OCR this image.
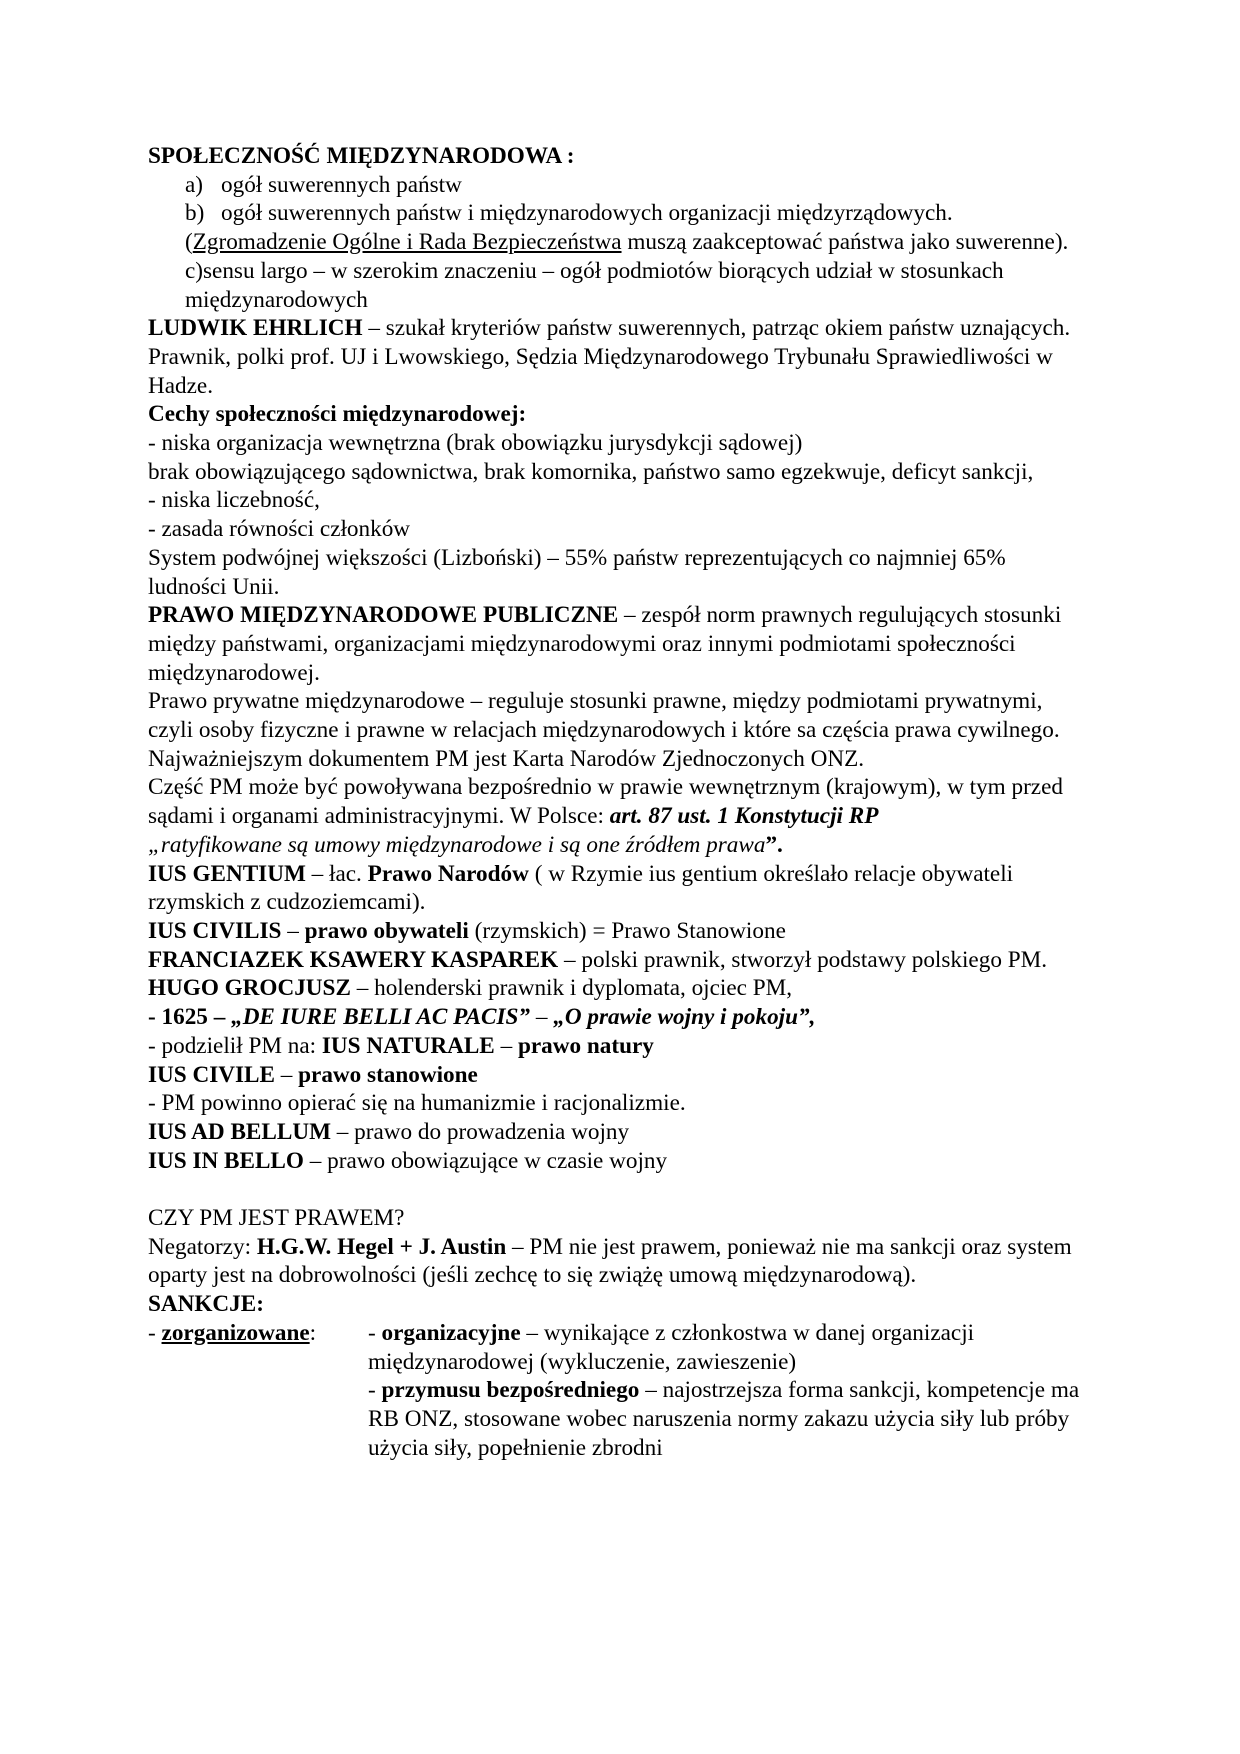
SPOŁECZNOŚĆ MIĘDZYNARODOWA :

a) ogół suwerennych państw

b) ogół suwerennych państw i międzynarodowych organizacji międzyrządowych.

(Zgromadzenie Ogólne i Rada Bezpieczeństwa muszą zaakceptować państwa jako suwerenne).

c)sensu largo – w szerokim znaczeniu – ogół podmiotów biorących udział w stosunkach międzynarodowych

LUDWIK EHRLICH – szukał kryteriów państw suwerennych, patrząc okiem państw uznających. Prawnik, polki prof. UJ i Lwowskiego, Sędzia Międzynarodowego Trybunału Sprawiedliwości w Hadze.

Cechy społeczności międzynarodowej:

- niska organizacja wewnętrzna (brak obowiązku jurysdykcji sądowej)

brak obowiązującego sądownictwa, brak komornika, państwo samo egzekwuje, deficyt sankcji,

- niska liczebność,

- zasada równości członków

System podwójnej większości (Lizboński) – 55% państw reprezentujących co najmniej 65% ludności Unii.

PRAWO MIĘDZYNARODOWE PUBLICZNE – zespół norm prawnych regulujących stosunki między państwami, organizacjami międzynarodowymi oraz innymi podmiotami społeczności międzynarodowej.

Prawo prywatne międzynarodowe – reguluje stosunki prawne, między podmiotami prywatnymi, czyli osoby fizyczne i prawne w relacjach międzynarodowych i które sa częścia prawa cywilnego.

Najważniejszym dokumentem PM jest Karta Narodów Zjednoczonych ONZ.

Część PM może być powoływana bezpośrednio w prawie wewnętrznym (krajowym), w tym przed sądami i organami administracyjnymi. W Polsce: art. 87 ust. 1 Konstytucji RP
„ratyfikowane są umowy międzynarodowe i są one źródłem prawa”.

IUS GENTIUM – łac. Prawo Narodów ( w Rzymie ius gentium określało relacje obywateli rzymskich z cudzoziemcami).

IUS CIVILIS – prawo obywateli (rzymskich) = Prawo Stanowione

FRANCIAZEK KSAWERY KASPAREK – polski prawnik, stworzył podstawy polskiego PM.

HUGO GROCJUSZ – holenderski prawnik i dyplomata, ojciec PM,

- 1625 – „DE IURE BELLI AC PACIS” – „O prawie wojny i pokoju”,

- podzielił PM na: IUS NATURALE – prawo natury

IUS CIVILE – prawo stanowione

- PM powinno opierać się na humanizmie i racjonalizmie.

IUS AD BELLUM – prawo do prowadzenia wojny

IUS IN BELLO – prawo obowiązujące w czasie wojny

CZY PM JEST PRAWEM?

Negatorzy: H.G.W. Hegel + J. Austin – PM nie jest prawem, ponieważ nie ma sankcji oraz system oparty jest na dobrowolności (jeśli zechcę to się zwiążę umową międzynarodową).

SANKCJE:

- zorganizowane: - organizacyjne – wynikające z członkostwa w danej organizacji międzynarodowej (wykluczenie, zawieszenie)

- przymusu bezpośredniego – najostrzejsza forma sankcji, kompetencje ma RB ONZ, stosowane wobec naruszenia normy zakazu użycia siły lub próby użycia siły, popełnienie zbrodni
